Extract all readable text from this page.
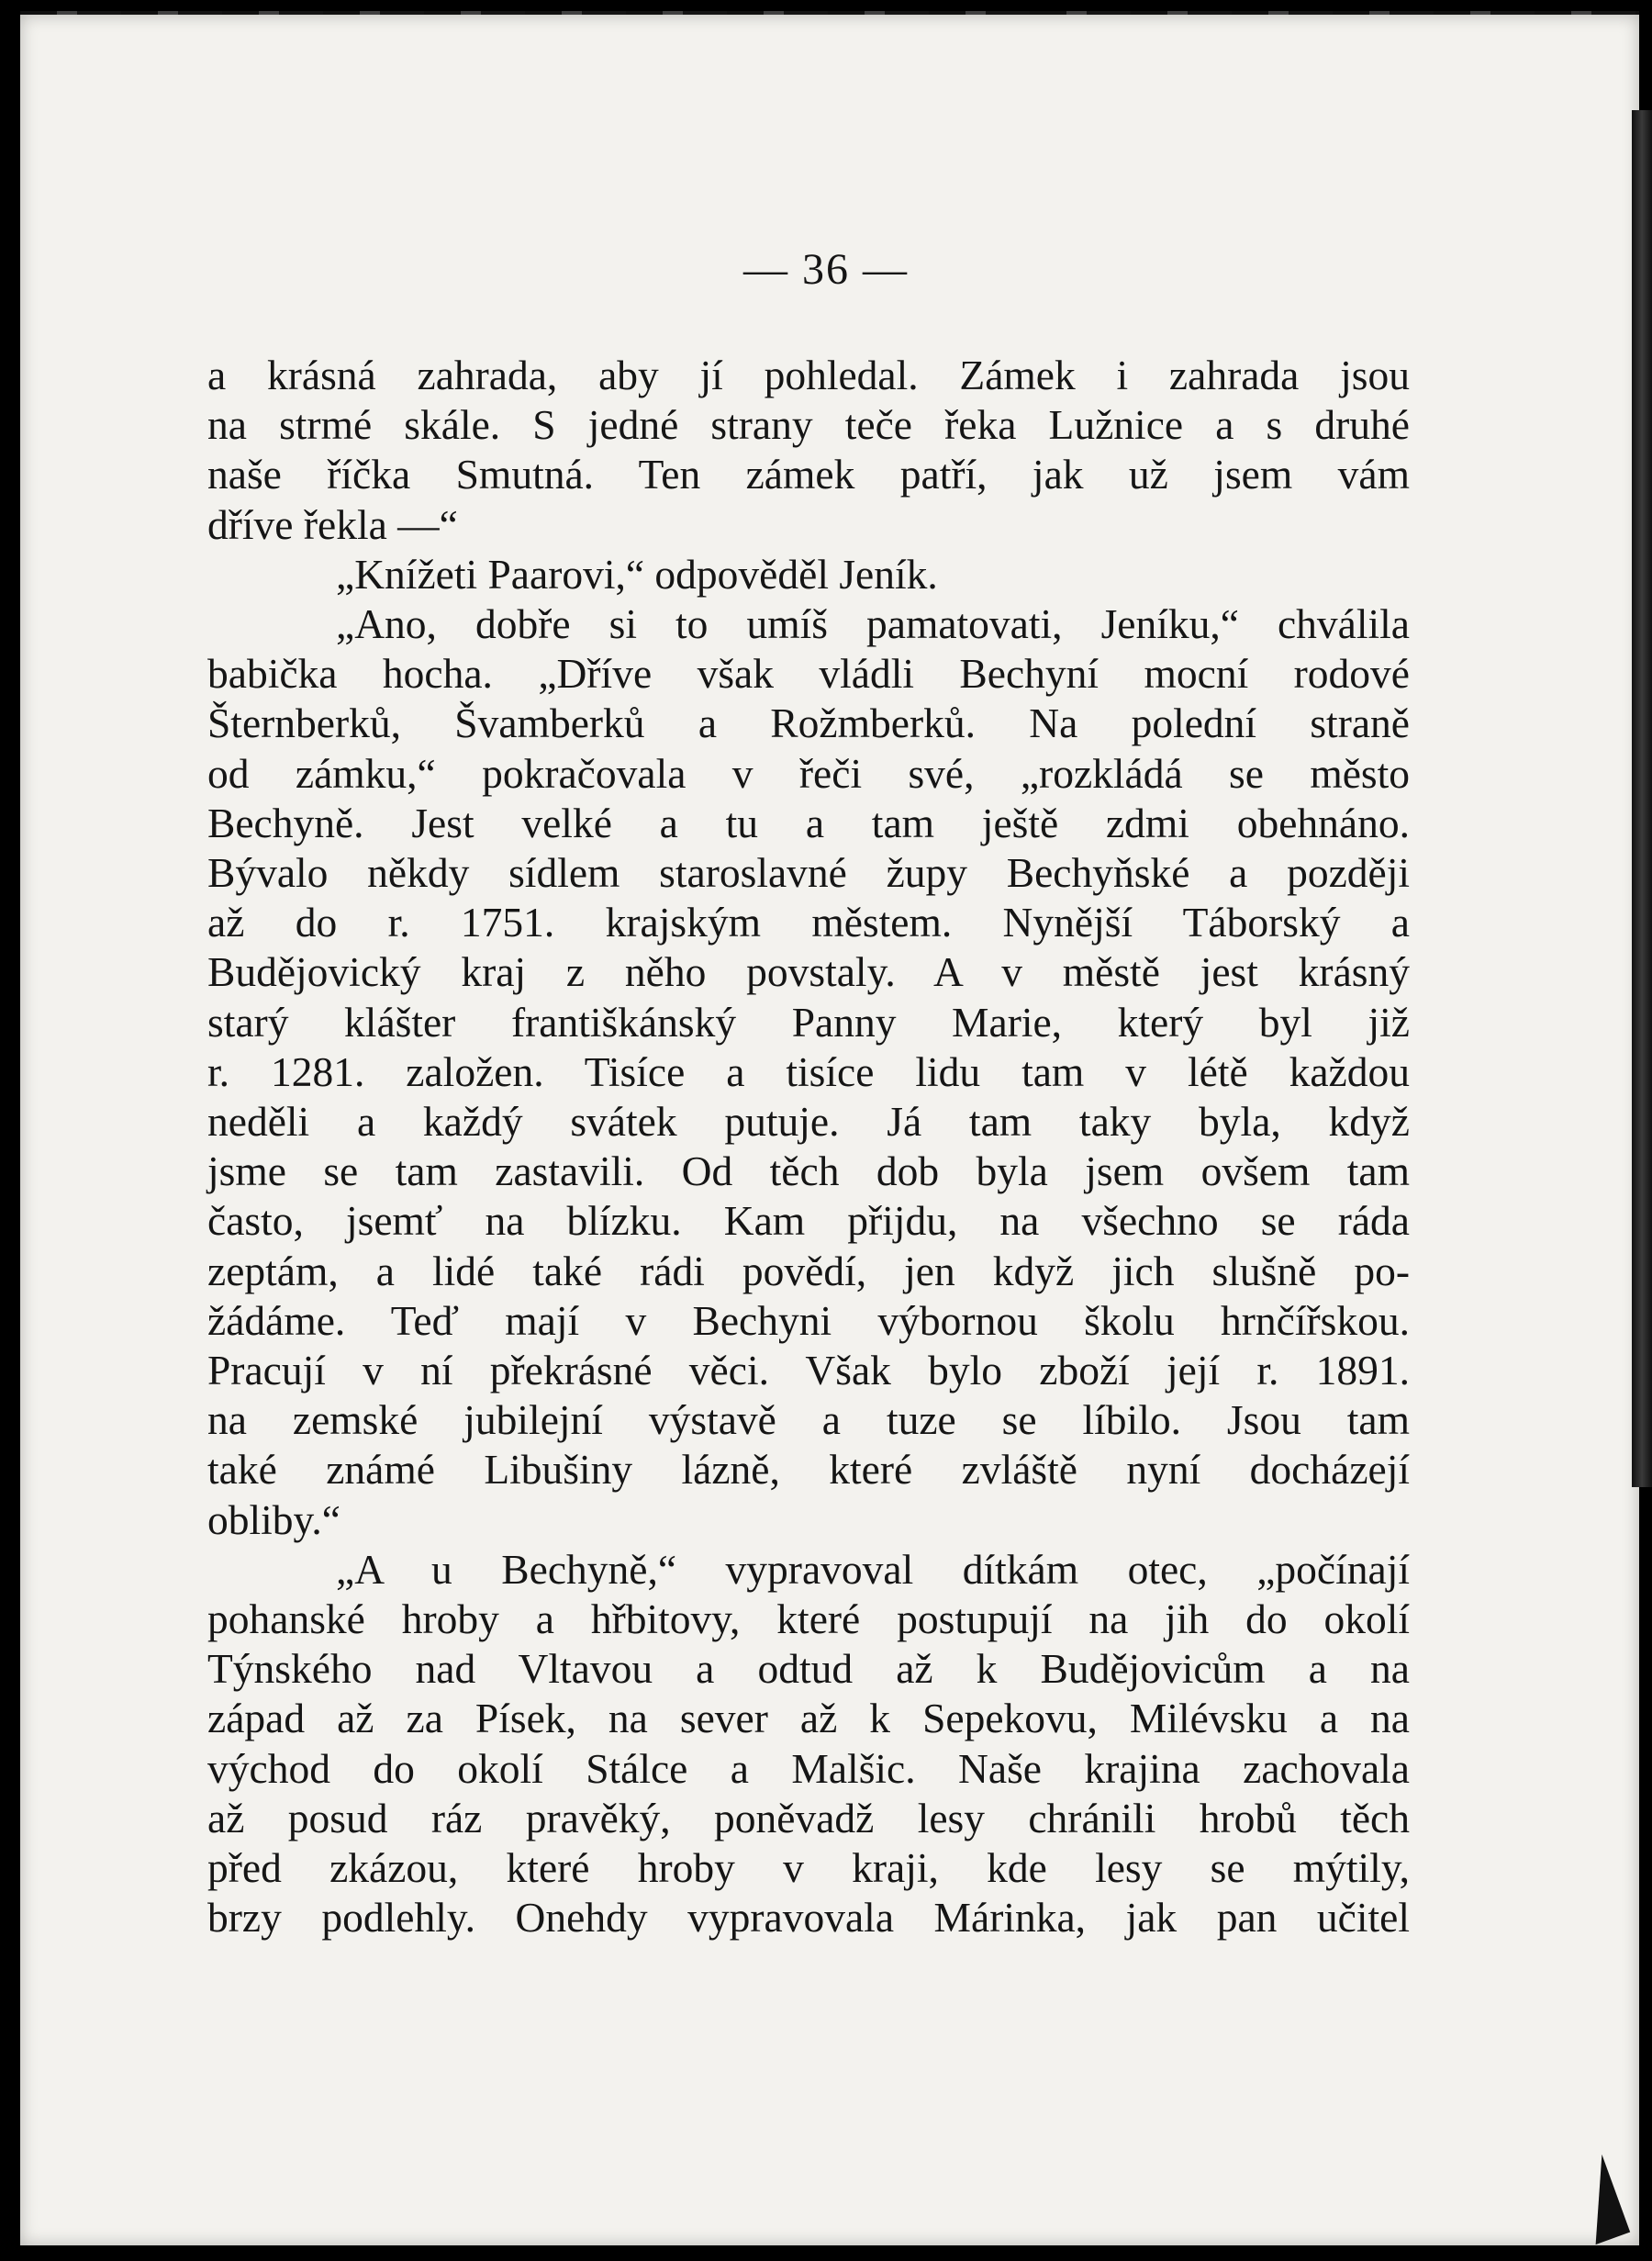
— 36 —
a krásná zahrada, aby jí pohledal. Zámek i zahrada jsou
na strmé skále. S jedné strany teče řeka Lužnice a s druhé
naše říčka Smutná. Ten zámek patří, jak už jsem vám
dříve řekla —“
„Knížeti Paarovi,“ odpověděl Jeník.
„Ano, dobře si to umíš pamatovati, Jeníku,“ chválila
babička hocha. „Dříve však vládli Bechyní mocní rodové
Šternberků, Švamberků a Rožmberků. Na polední straně
od zámku,“ pokračovala v řeči své, „rozkládá se město
Bechyně. Jest velké a tu a tam ještě zdmi obehnáno.
Bývalo někdy sídlem staroslavné župy Bechyňské a později
až do r. 1751. krajským městem. Nynější Táborský a
Budějovický kraj z něho povstaly. A v městě jest krásný
starý klášter františkánský Panny Marie, který byl již
r. 1281. založen. Tisíce a tisíce lidu tam v létě každou
neděli a každý svátek putuje. Já tam taky byla, když
jsme se tam zastavili. Od těch dob byla jsem ovšem tam
často, jsemť na blízku. Kam přijdu, na všechno se ráda
zeptám, a lidé také rádi povědí, jen když jich slušně po-
žádáme. Teď mají v Bechyni výbornou školu hrnčířskou.
Pracují v ní překrásné věci. Však bylo zboží její r. 1891.
na zemské jubilejní výstavě a tuze se líbilo. Jsou tam
také známé Libušiny lázně, které zvláště nyní docházejí
obliby.“
„A u Bechyně,“ vypravoval dítkám otec, „počínají
pohanské hroby a hřbitovy, které postupují na jih do okolí
Týnského nad Vltavou a odtud až k Budějovicům a na
západ až za Písek, na sever až k Sepekovu, Milévsku a na
východ do okolí Stálce a Malšic. Naše krajina zachovala
až posud ráz pravěký, poněvadž lesy chránili hrobů těch
před zkázou, které hroby v kraji, kde lesy se mýtily,
brzy podlehly. Onehdy vypravovala Márinka, jak pan učitel
